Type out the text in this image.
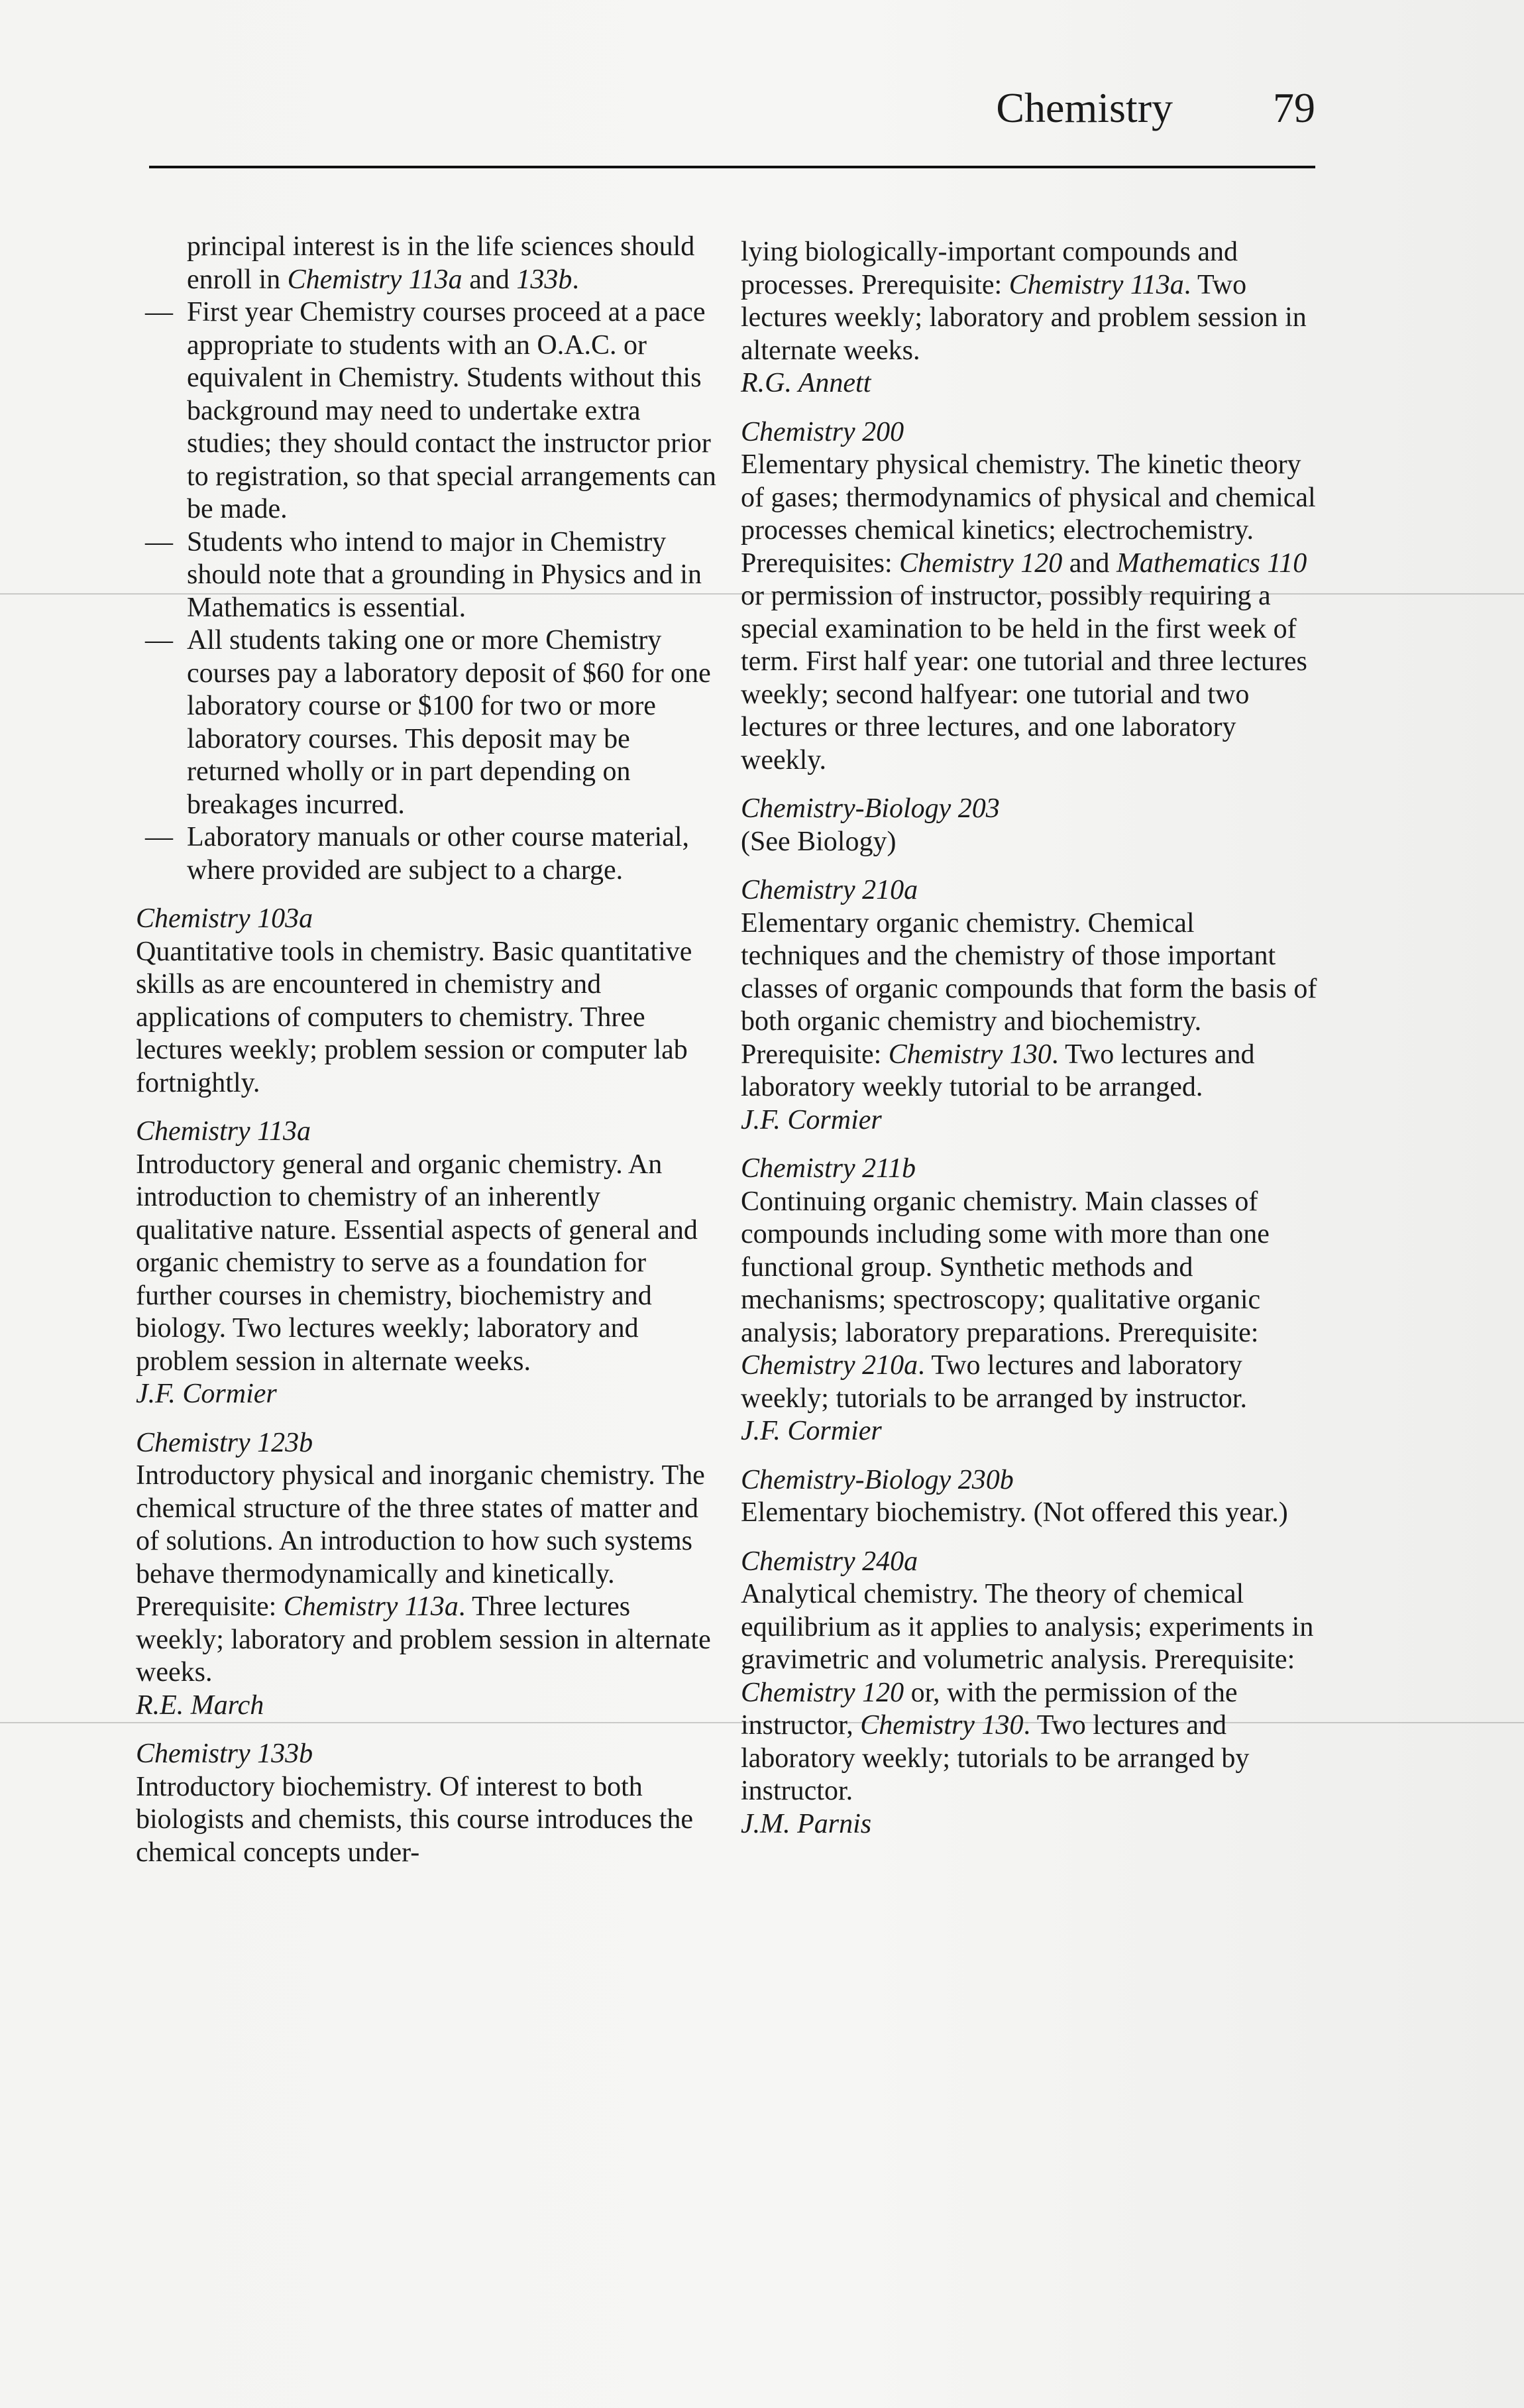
Chemistry 79

principal interest is in the life sciences should enroll in Chemistry 113a and 133b.

— First year Chemistry courses proceed at a pace appropriate to students with an O.A.C. or equivalent in Chemistry. Students without this background may need to undertake extra studies; they should contact the instructor prior to registration, so that special arrangements can be made.

— Students who intend to major in Chemistry should note that a grounding in Physics and in Mathematics is essential.

— All students taking one or more Chemistry courses pay a laboratory deposit of $60 for one laboratory course or $100 for two or more laboratory courses. This deposit may be returned wholly or in part depending on breakages incurred.

— Laboratory manuals or other course material, where provided are subject to a charge.

Chemistry 103a

Quantitative tools in chemistry. Basic quantitative skills as are encountered in chemistry and applications of computers to chemistry. Three lectures weekly; problem session or computer lab fortnightly.

Chemistry 113a

Introductory general and organic chemistry. An introduction to chemistry of an inherently qualitative nature. Essential aspects of general and organic chemistry to serve as a foundation for further courses in chemistry, biochemistry and biology. Two lectures weekly; laboratory and problem session in alternate weeks.

J.F. Cormier

Chemistry 123b

Introductory physical and inorganic chemistry. The chemical structure of the three states of matter and of solutions. An introduction to how such systems behave thermodynamically and kinetically. Prerequisite: Chemistry 113a. Three lectures weekly; laboratory and problem session in alternate weeks.

R.E. March

Chemistry 133b

Introductory biochemistry. Of interest to both biologists and chemists, this course introduces the chemical concepts under-

lying biologically-important compounds and processes. Prerequisite: Chemistry 113a. Two lectures weekly; laboratory and problem session in alternate weeks.

R.G. Annett

Chemistry 200

Elementary physical chemistry. The kinetic theory of gases; thermodynamics of physical and chemical processes chemical kinetics; electrochemistry. Prerequisites: Chemistry 120 and Mathematics 110 or permission of instructor, possibly requiring a special examination to be held in the first week of term. First half year: one tutorial and three lectures weekly; second halfyear: one tutorial and two lectures or three lectures, and one laboratory weekly.

Chemistry-Biology 203

(See Biology)

Chemistry 210a

Elementary organic chemistry. Chemical techniques and the chemistry of those important classes of organic compounds that form the basis of both organic chemistry and biochemistry. Prerequisite: Chemistry 130. Two lectures and laboratory weekly tutorial to be arranged.

J.F. Cormier

Chemistry 211b

Continuing organic chemistry. Main classes of compounds including some with more than one functional group. Synthetic methods and mechanisms; spectroscopy; qualitative organic analysis; laboratory preparations. Prerequisite: Chemistry 210a. Two lectures and laboratory weekly; tutorials to be arranged by instructor.

J.F. Cormier

Chemistry-Biology 230b

Elementary biochemistry. (Not offered this year.)

Chemistry 240a

Analytical chemistry. The theory of chemical equilibrium as it applies to analysis; experiments in gravimetric and volumetric analysis. Prerequisite: Chemistry 120 or, with the permission of the instructor, Chemistry 130. Two lectures and laboratory weekly; tutorials to be arranged by instructor.

J.M. Parnis
